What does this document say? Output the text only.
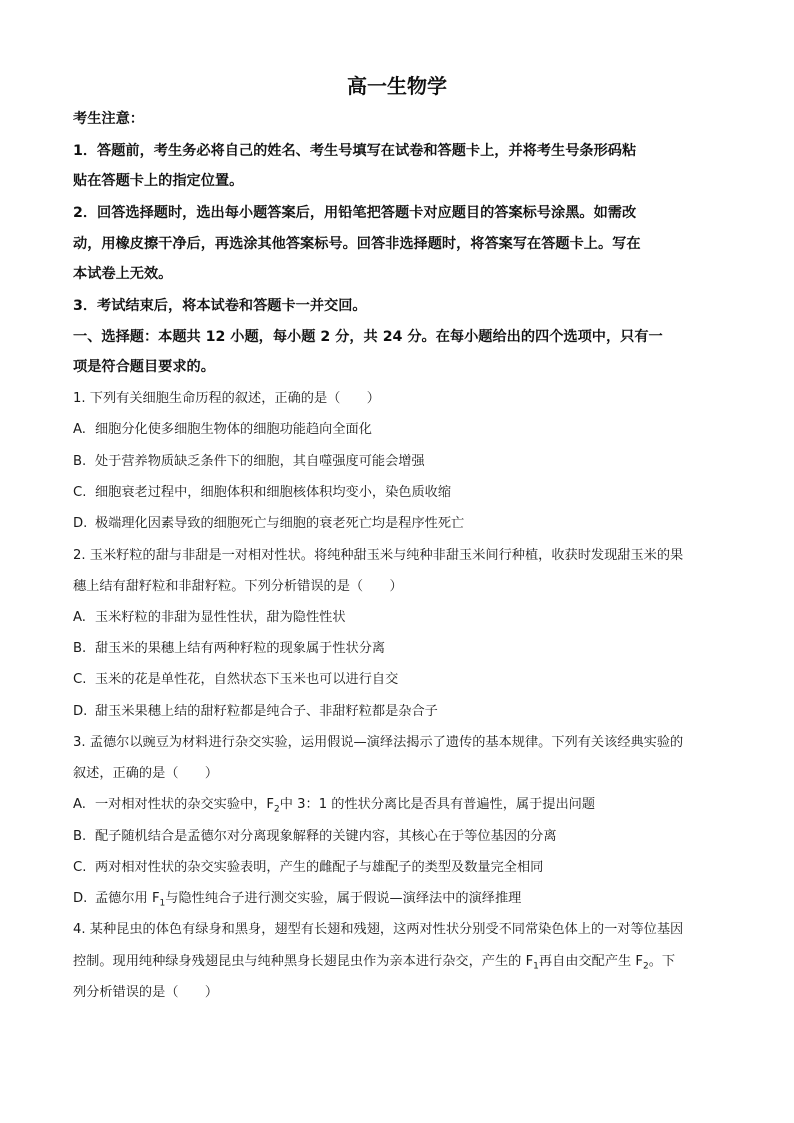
高一生物学
考生注意：
1．答题前，考生务必将自己的姓名、考生号填写在试卷和答题卡上，并将考生号条形码粘
贴在答题卡上的指定位置。
2．回答选择题时，选出每小题答案后，用铅笔把答题卡对应题目的答案标号涂黑。如需改
动，用橡皮擦干净后，再选涂其他答案标号。回答非选择题时，将答案写在答题卡上。写在
本试卷上无效。
3．考试结束后，将本试卷和答题卡一并交回。
一、选择题：本题共 12 小题，每小题 2 分，共 24 分。在每小题给出的四个选项中，只有一
项是符合题目要求的。
1. 下列有关细胞生命历程的叙述，正确的是（　　）
A. 细胞分化使多细胞生物体的细胞功能趋向全面化
B. 处于营养物质缺乏条件下的细胞，其自噬强度可能会增强
C. 细胞衰老过程中，细胞体积和细胞核体积均变小，染色质收缩
D. 极端理化因素导致的细胞死亡与细胞的衰老死亡均是程序性死亡
2. 玉米籽粒的甜与非甜是一对相对性状。将纯种甜玉米与纯种非甜玉米间行种植，收获时发现甜玉米的果
穗上结有甜籽粒和非甜籽粒。下列分析错误的是（　　）
A. 玉米籽粒的非甜为显性性状，甜为隐性性状
B. 甜玉米的果穗上结有两种籽粒的现象属于性状分离
C. 玉米的花是单性花，自然状态下玉米也可以进行自交
D. 甜玉米果穗上结的甜籽粒都是纯合子、非甜籽粒都是杂合子
3. 孟德尔以豌豆为材料进行杂交实验，运用假说—演绎法揭示了遗传的基本规律。下列有关该经典实验的
叙述，正确的是（　　）
A. 一对相对性状的杂交实验中，$F_2$中 3：1 的性状分离比是否具有普遍性，属于提出问题
B. 配子随机结合是孟德尔对分离现象解释的关键内容，其核心在于等位基因的分离
C. 两对相对性状的杂交实验表明，产生的雌配子与雄配子的类型及数量完全相同
D. 孟德尔用 $F_1$与隐性纯合子进行测交实验，属于假说—演绎法中的演绎推理
4. 某种昆虫的体色有绿身和黑身，翅型有长翅和残翅，这两对性状分别受不同常染色体上的一对等位基因
控制。现用纯种绿身残翅昆虫与纯种黑身长翅昆虫作为亲本进行杂交，产生的 $F_1$再自由交配产生 $F_2$。下
列分析错误的是（　　）
